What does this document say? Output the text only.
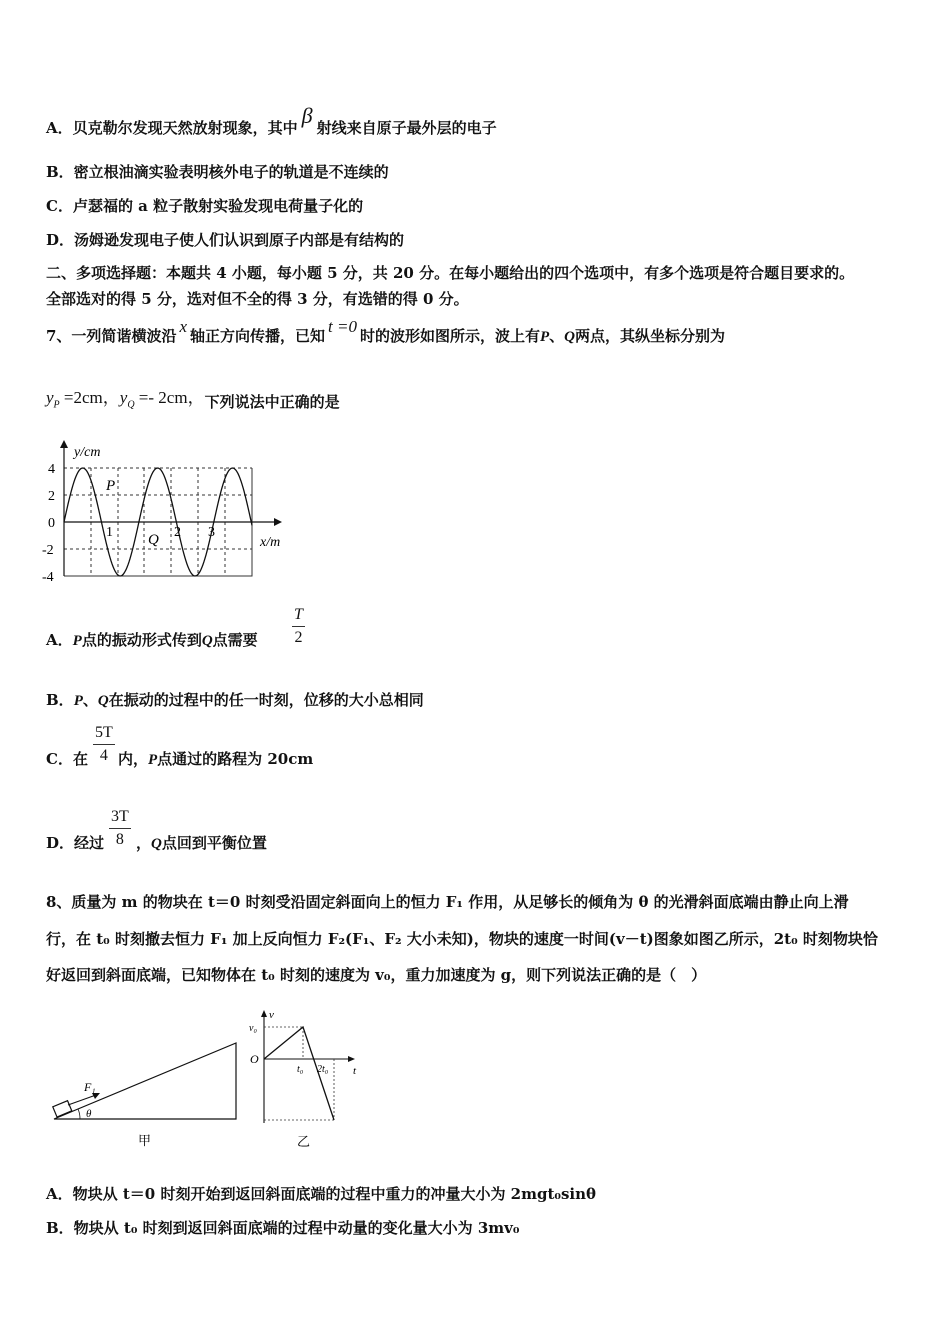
A．贝克勒尔发现天然放射现象，其中 β 射线来自原子最外层的电子
B．密立根油滴实验表明核外电子的轨道是不连续的
C．卢瑟福的 a 粒子散射实验发现电荷量子化的
D．汤姆逊发现电子使人们认识到原子内部是有结构的
二、多项选择题：本题共 4 小题，每小题 5 分，共 20 分。在每小题给出的四个选项中，有多个选项是符合题目要求的。
全部选对的得 5 分，选对但不全的得 3 分，有选错的得 0 分。
7、一列简谐横波沿 x 轴正方向传播，已知 t =0 时的波形如图所示，波上有P、Q两点，其纵坐标分别为
$y_P =2cm$，$y_Q =- 2cm$，下列说法中正确的是
y/cm
x/m
4
2
0
-2
-4
1	2 3
P
Q
A．P点的振动形式传到Q点需要
T
2
B．P、Q在振动的过程中的任一时刻，位移的大小总相同
C．在 内，P点通过的路程为 20cm
5T
4
D．经过 ，Q点回到平衡位置
3T
8
8、质量为 m 的物块在 t＝0 时刻受沿固定斜面向上的恒力 F₁ 作用，从足够长的倾角为 θ 的光滑斜面底端由静止向上滑
行，在 t₀ 时刻撤去恒力 F₁ 加上反向恒力 F₂(F₁、F₂ 大小未知)，物块的速度一时间(v－t)图象如图乙所示，2t₀ 时刻物块恰
好返回到斜面底端，已知物体在 t₀ 时刻的速度为 v₀，重力加速度为 g，则下列说法正确的是（　）
F₁
θ
甲
v
t
v₀
O
t₀ 2t₀
乙
A．物块从 t＝0 时刻开始到返回斜面底端的过程中重力的冲量大小为 2mgt₀sinθ
B．物块从 t₀ 时刻到返回斜面底端的过程中动量的变化量大小为 3mv₀
